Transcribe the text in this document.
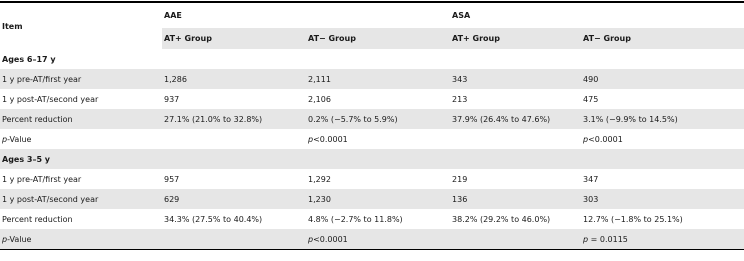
Item	AAE		ASA	
	AT+ Group	AT− Group	AT+ Group	AT− Group
Ages 6–17 y				
1 y pre-AT/first year	1,286	2,111	343	490
1 y post-AT/second year	937	2,106	213	475
Percent reduction	27.1% (21.0% to 32.8%)	0.2% (−5.7% to 5.9%)	37.9% (26.4% to 47.6%)	3.1% (−9.9% to 14.5%)
p-Value		p<0.0001		p<0.0001
Ages 3–5 y				
1 y pre-AT/first year	957	1,292	219	347
1 y post-AT/second year	629	1,230	136	303
Percent reduction	34.3% (27.5% to 40.4%)	4.8% (−2.7% to 11.8%)	38.2% (29.2% to 46.0%)	12.7% (−1.8% to 25.1%)
p-Value		p<0.0001		p = 0.0115
